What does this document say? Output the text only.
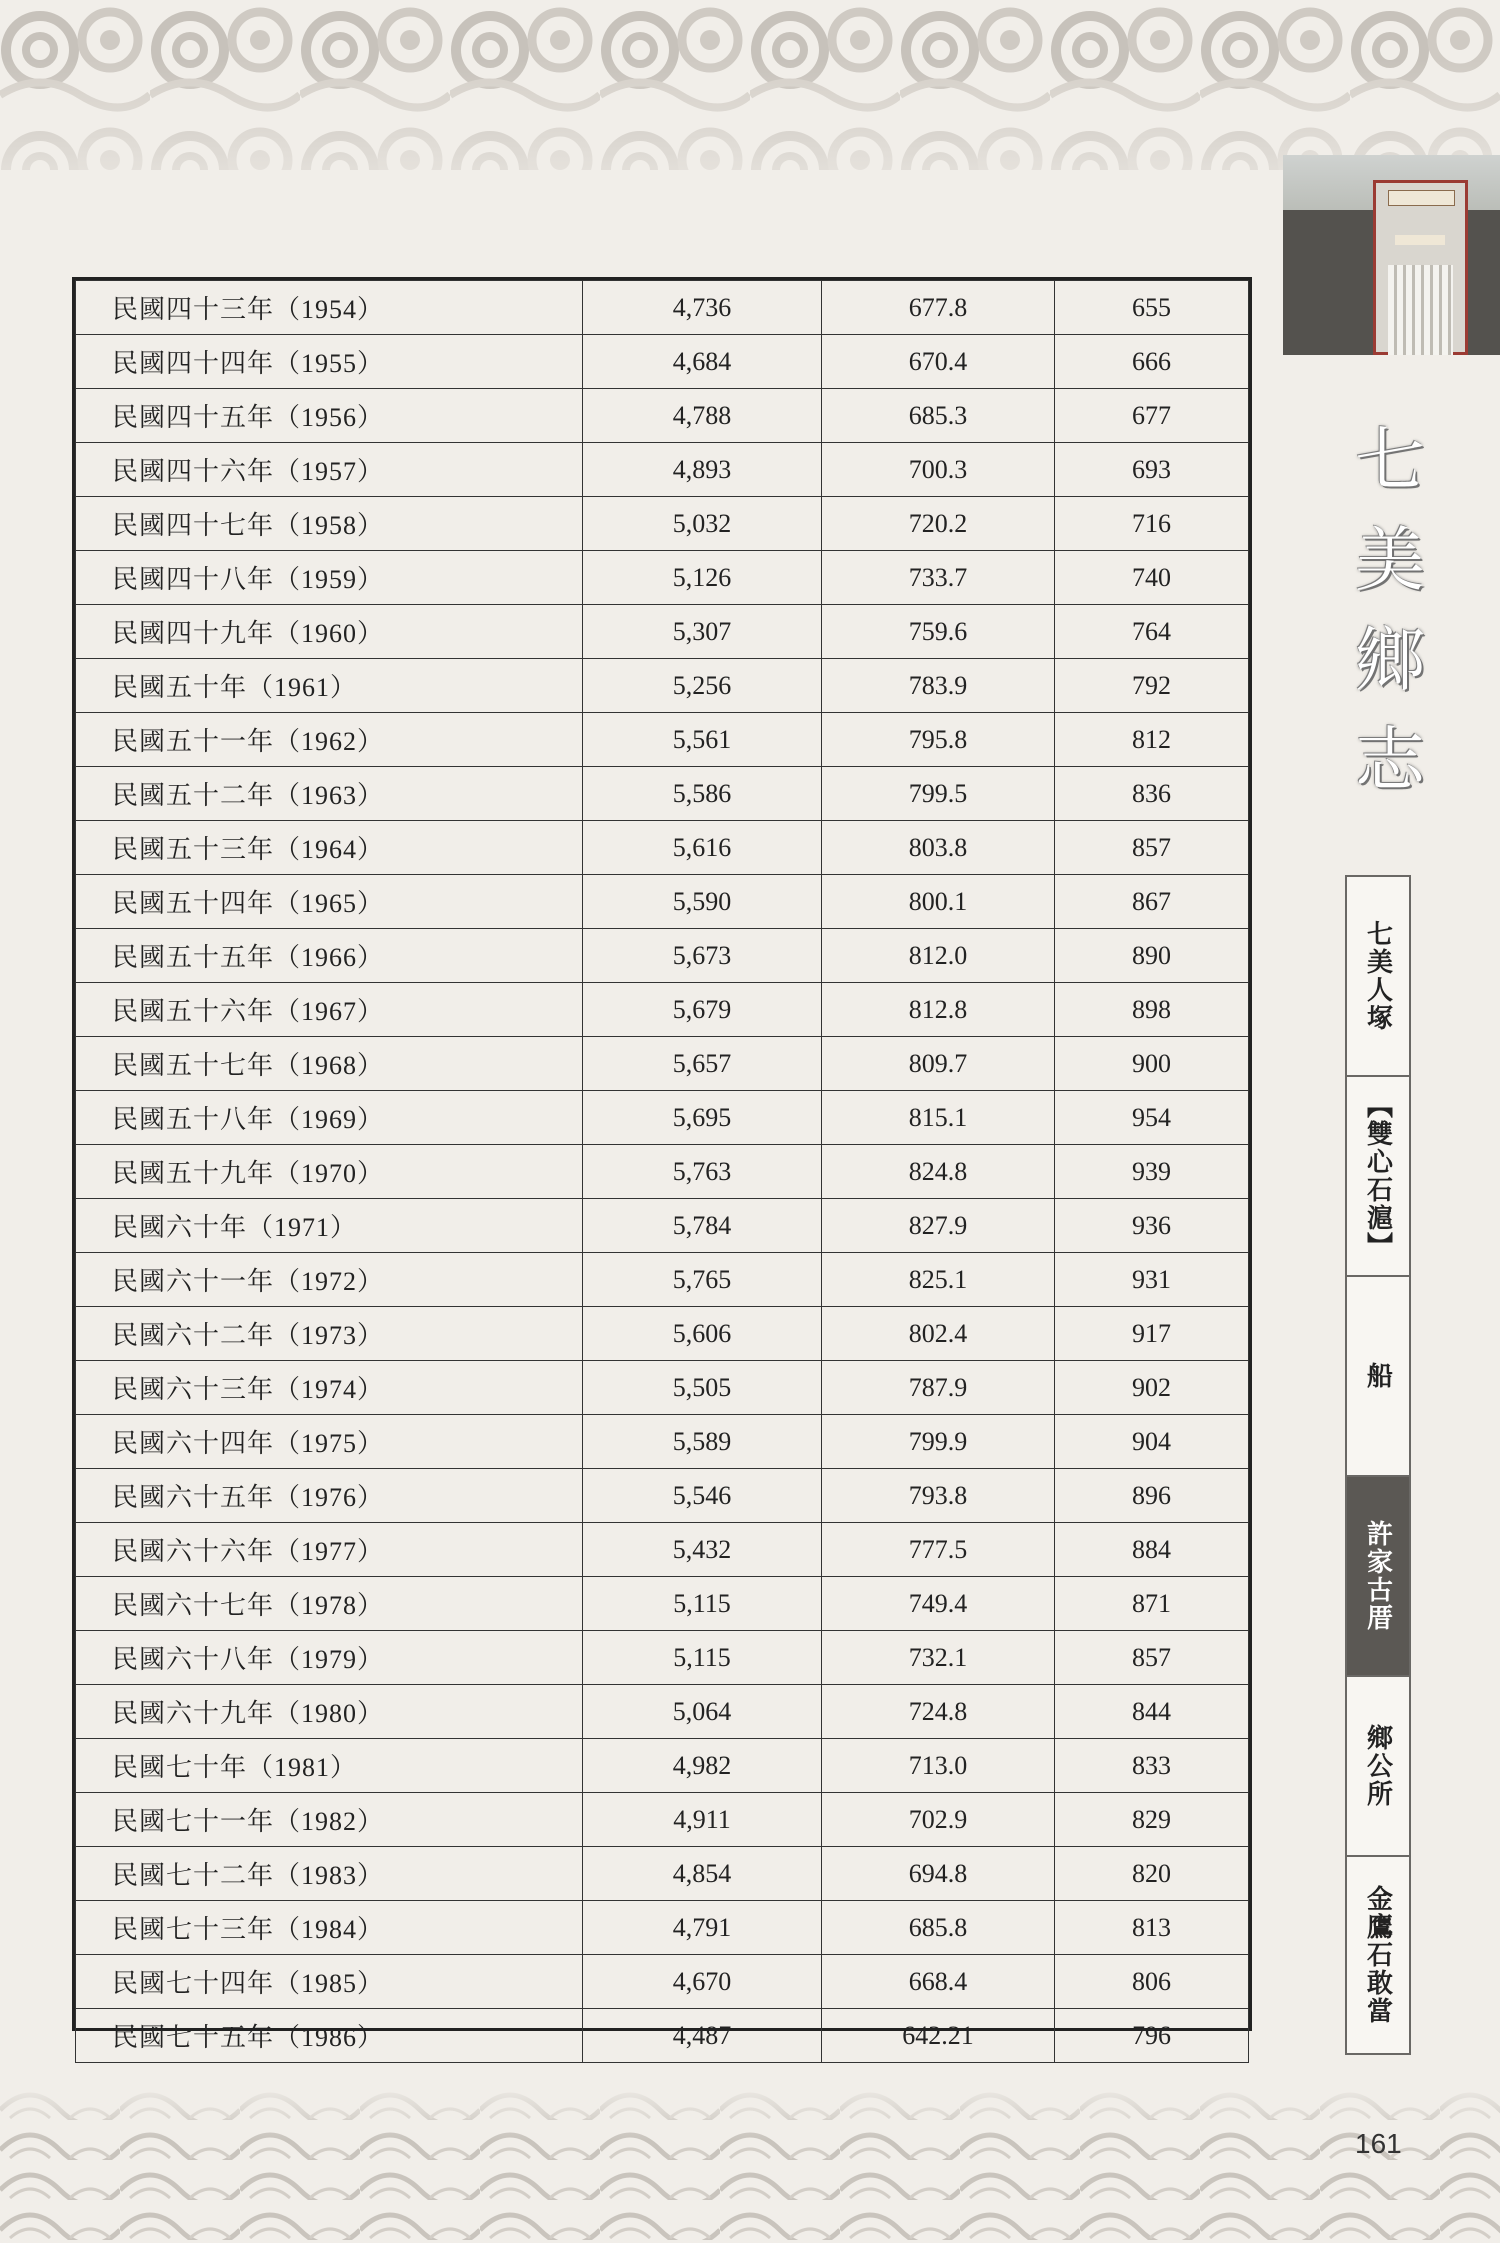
七
美
鄉
志
七美人塚
【雙心石滬】
船
許家古厝
鄉公所
金鷹石敢當
民國四十三年（1954）	4,736	677.8	655
民國四十四年（1955）	4,684	670.4	666
民國四十五年（1956）	4,788	685.3	677
民國四十六年（1957）	4,893	700.3	693
民國四十七年（1958）	5,032	720.2	716
民國四十八年（1959）	5,126	733.7	740
民國四十九年（1960）	5,307	759.6	764
民國五十年（1961）	5,256	783.9	792
民國五十一年（1962）	5,561	795.8	812
民國五十二年（1963）	5,586	799.5	836
民國五十三年（1964）	5,616	803.8	857
民國五十四年（1965）	5,590	800.1	867
民國五十五年（1966）	5,673	812.0	890
民國五十六年（1967）	5,679	812.8	898
民國五十七年（1968）	5,657	809.7	900
民國五十八年（1969）	5,695	815.1	954
民國五十九年（1970）	5,763	824.8	939
民國六十年（1971）	5,784	827.9	936
民國六十一年（1972）	5,765	825.1	931
民國六十二年（1973）	5,606	802.4	917
民國六十三年（1974）	5,505	787.9	902
民國六十四年（1975）	5,589	799.9	904
民國六十五年（1976）	5,546	793.8	896
民國六十六年（1977）	5,432	777.5	884
民國六十七年（1978）	5,115	749.4	871
民國六十八年（1979）	5,115	732.1	857
民國六十九年（1980）	5,064	724.8	844
民國七十年（1981）	4,982	713.0	833
民國七十一年（1982）	4,911	702.9	829
民國七十二年（1983）	4,854	694.8	820
民國七十三年（1984）	4,791	685.8	813
民國七十四年（1985）	4,670	668.4	806
民國七十五年（1986）	4,487	642.21	796
161
